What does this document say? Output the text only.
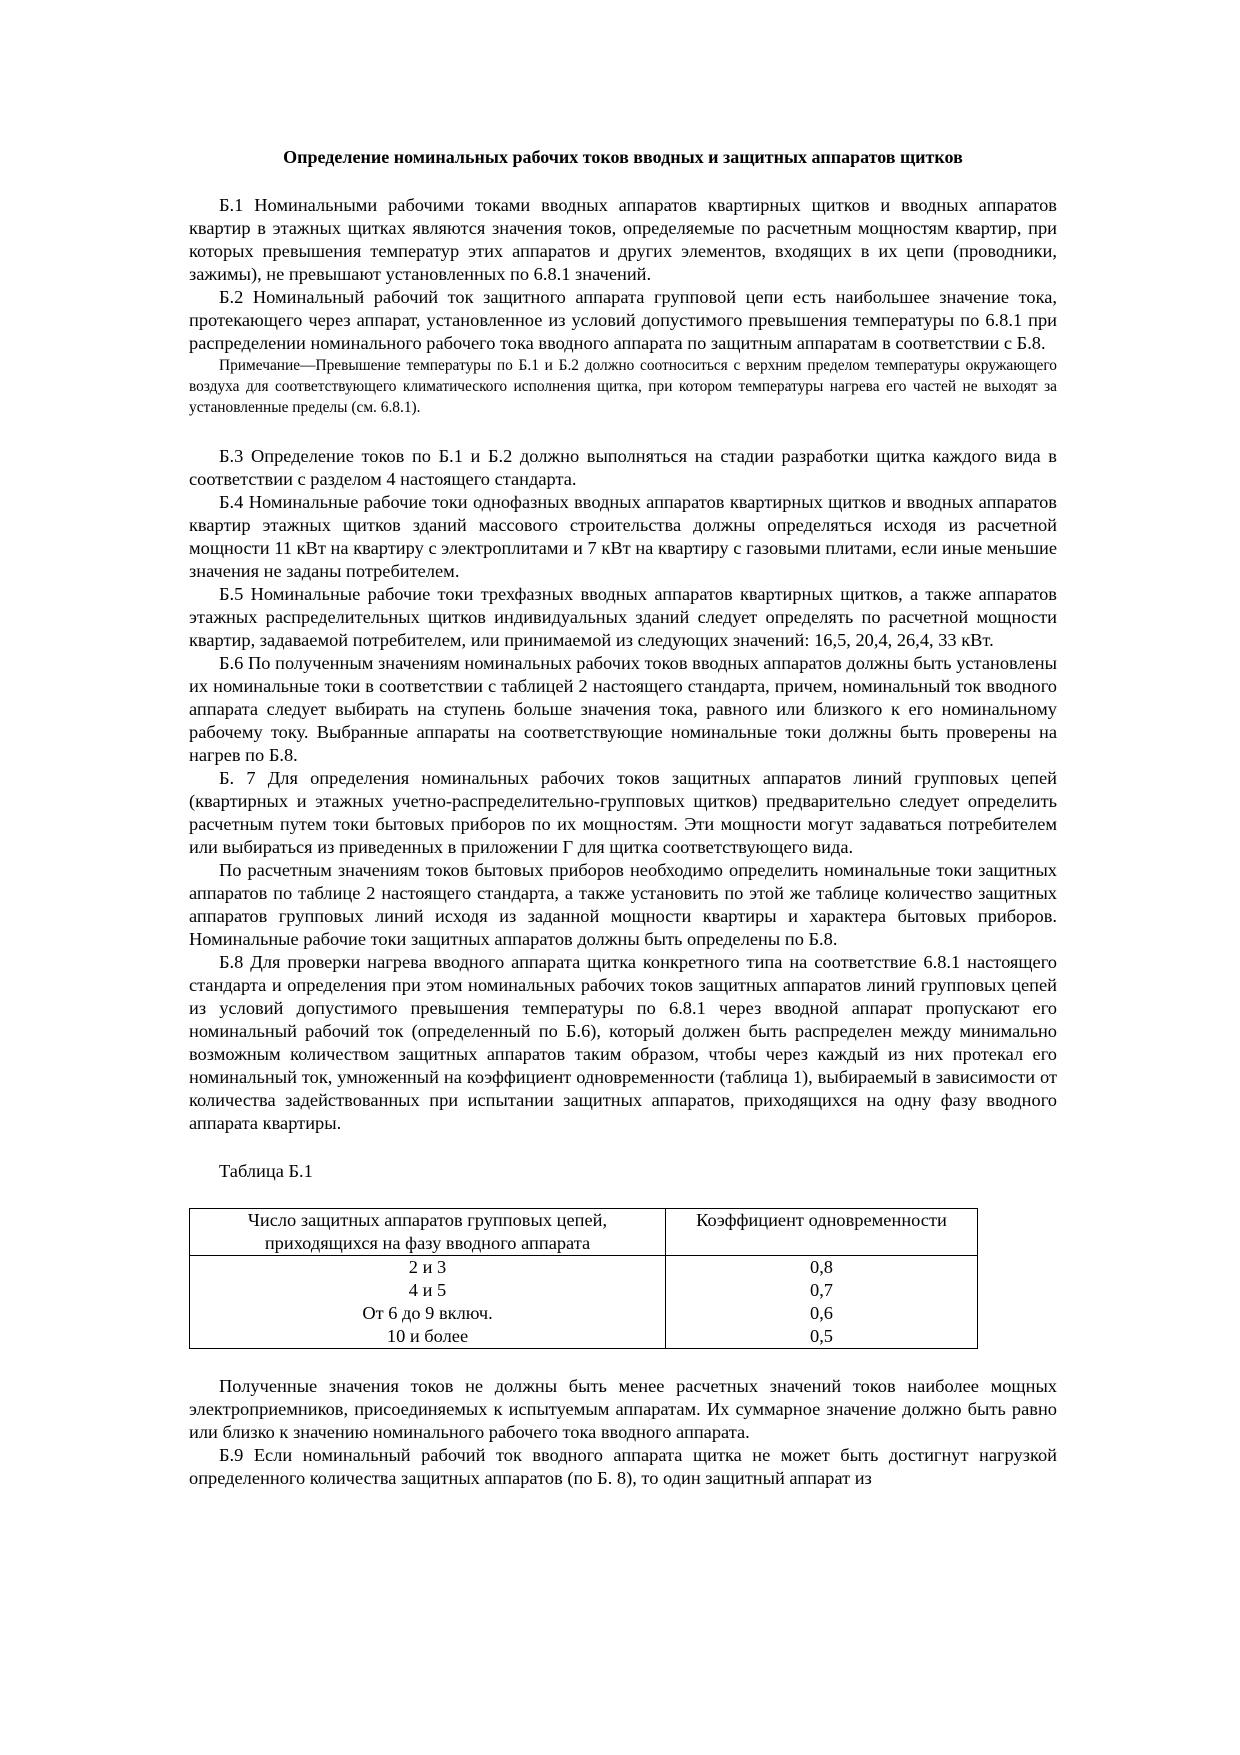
Определение номинальных рабочих токов вводных и защитных аппаратов щитков

Б.1 Номинальными рабочими токами вводных аппаратов квартирных щитков и вводных аппаратов квартир в этажных щитках являются значения токов, определяемые по расчетным мощностям квартир, при которых превышения температур этих аппаратов и других элементов, входящих в их цепи (проводники, зажимы), не превышают установленных по 6.8.1 значений.

Б.2 Номинальный рабочий ток защитного аппарата групповой цепи есть наибольшее значение тока, протекающего через аппарат, установленное из условий допустимого превышения температуры по 6.8.1 при распределении номинального рабочего тока вводного аппарата по защитным аппаратам в соответствии с Б.8.

Примечание—Превышение температуры по Б.1 и Б.2 должно соотноситься с верхним пределом температуры окружающего воздуха для соответствующего климатического исполнения щитка, при котором температуры нагрева его частей не выходят за установленные пределы (см. 6.8.1).

Б.3 Определение токов по Б.1 и Б.2 должно выполняться на стадии разработки щитка каждого вида в соответствии с разделом 4 настоящего стандарта.

Б.4 Номинальные рабочие токи однофазных вводных аппаратов квартирных щитков и вводных аппаратов квартир этажных щитков зданий массового строительства должны определяться исходя из расчетной мощности 11 кВт на квартиру с электроплитами и 7 кВт на квартиру с газовыми плитами, если иные меньшие значения не заданы потребителем.

Б.5 Номинальные рабочие токи трехфазных вводных аппаратов квартирных щитков, а также аппаратов этажных распределительных щитков индивидуальных зданий следует определять по расчетной мощности квартир, задаваемой потребителем, или принимаемой из следующих значений: 16,5, 20,4, 26,4, 33 кВт.

Б.6 По полученным значениям номинальных рабочих токов вводных аппаратов должны быть установлены их номинальные токи в соответствии с таблицей 2 настоящего стандарта, причем, номинальный ток вводного аппарата следует выбирать на ступень больше значения тока, равного или близкого к его номинальному рабочему току. Выбранные аппараты на соответствующие номинальные токи должны быть проверены на нагрев по Б.8.

Б. 7 Для определения номинальных рабочих токов защитных аппаратов линий групповых цепей (квартирных и этажных учетно-распределительно-групповых щитков) предварительно следует определить расчетным путем токи бытовых приборов по их мощностям. Эти мощности могут задаваться потребителем или выбираться из приведенных в приложении Г для щитка соответствующего вида.

По расчетным значениям токов бытовых приборов необходимо определить номинальные токи защитных аппаратов по таблице 2 настоящего стандарта, а также установить по этой же таблице количество защитных аппаратов групповых линий исходя из заданной мощности квартиры и характера бытовых приборов. Номинальные рабочие токи защитных аппаратов должны быть определены по Б.8.

Б.8 Для проверки нагрева вводного аппарата щитка конкретного типа на соответствие 6.8.1 настоящего стандарта и определения при этом номинальных рабочих токов защитных аппаратов линий групповых цепей из условий допустимого превышения температуры по 6.8.1 через вводной аппарат пропускают его номинальный рабочий ток (определенный по Б.6), который должен быть распределен между минимально возможным количеством защитных аппаратов таким образом, чтобы через каждый из них протекал его номинальный ток, умноженный на коэффициент одновременности (таблица 1), выбираемый в зависимости от количества задействованных при испытании защитных аппаратов, приходящихся на одну фазу вводного аппарата квартиры.

Таблица Б.1
Число защитных аппаратов групповых цепей, приходящихся на фазу вводного аппарата	Коэффициент одновременности
2 и 3	0,8
4 и 5	0,7
От 6 до 9 включ.	0,6
10 и более	0,5

Полученные значения токов не должны быть менее расчетных значений токов наиболее мощных электроприемников, присоединяемых к испытуемым аппаратам. Их суммарное значение должно быть равно или близко к значению номинального рабочего тока вводного аппарата.

Б.9 Если номинальный рабочий ток вводного аппарата щитка не может быть достигнут нагрузкой определенного количества защитных аппаратов (по Б. 8), то один защитный аппарат из
